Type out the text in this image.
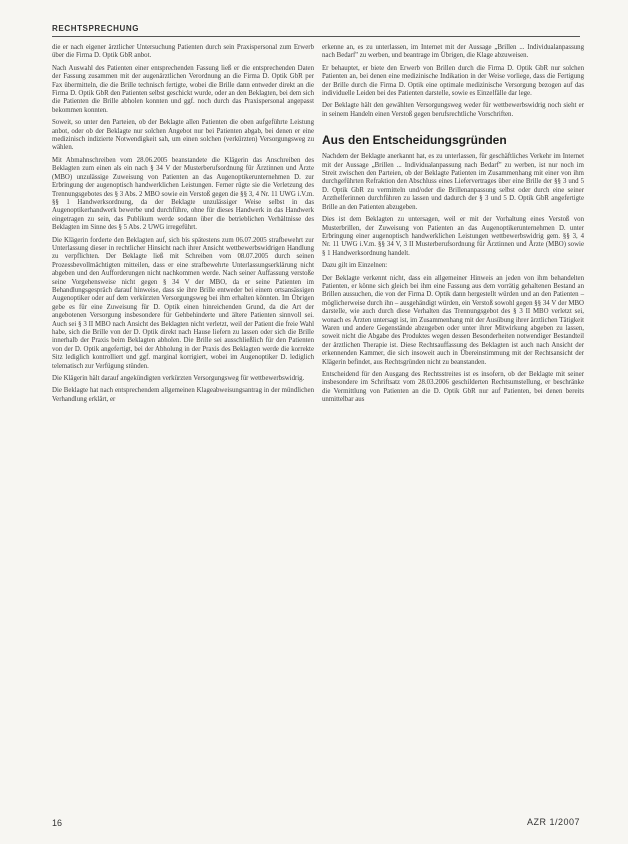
RECHTSPRECHUNG

die er nach eigener ärztlicher Untersuchung Patienten durch sein Praxispersonal zum Erwerb über die Firma D. Optik GbR anbot.

Nach Auswahl des Patienten einer entsprechenden Fassung ließ er die entsprechenden Daten der Fassung zusammen mit der augenärztlichen Verordnung an die Firma D. Optik GbR per Fax übermitteln, die die Brille technisch fertigte, wobei die Brille dann entweder direkt an die Firma D. Optik GbR den Patienten selbst geschickt wurde, oder an den Beklagten, bei dem sich die Patienten die Brille abholen konnten und ggf. noch durch das Praxispersonal angepasst bekommen konnten.

Soweit, so unter den Parteien, ob der Beklagte allen Patienten die oben aufgeführte Leistung anbot, oder ob der Beklagte nur solchen Angebot nur bei Patienten abgab, bei denen er eine medizinisch indizierte Notwendigkeit sah, um einen solchen (verkürzten) Versorgungsweg zu wählen.

Mit Abmahnschreiben vom 28.06.2005 beanstandete die Klägerin das Anschreiben des Beklagten zum einen als ein nach § 34 V der Musterberufsordnung für Ärztinnen und Ärzte (MBO) unzulässige Zuweisung von Patienten an das Augenoptikerunternehmen D. zur Erbringung der augenoptisch handwerklichen Leistungen. Ferner rügte sie die Verletzung des Trennungsgebotes des § 3 Abs. 2 MBO sowie ein Verstoß gegen die §§ 3, 4 Nr. 11 UWG i.V.m. §§ 1 Handwerksordnung, da der Beklagte unzulässiger Weise selbst in das Augenoptikerhandwerk bewerbe und durchführe, ohne für dieses Handwerk in das Handwerk eingetragen zu sein, das Publikum werde sodann über die betrieblichen Verhältnisse des Beklagten im Sinne des § 5 Abs. 2 UWG irregeführt.

Die Klägerin forderte den Beklagten auf, sich bis spätestens zum 06.07.2005 strafbewehrt zur Unterlassung dieser in rechtlicher Hinsicht nach ihrer Ansicht wettbewerbswidrigen Handlung zu verpflichten. Der Beklagte ließ mit Schreiben vom 08.07.2005 durch seinen Prozessbevollmächtigten mitteilen, dass er eine strafbewehrte Unterlassungserklärung nicht abgeben und den Aufforderungen nicht nachkommen werde. Nach seiner Auffassung verstoße seine Vorgehensweise nicht gegen § 34 V der MBO, da er seine Patienten im Behandlungsgespräch darauf hinweise, dass sie ihre Brille entweder bei einem ortsansässigen Augenoptiker oder auf dem verkürzten Versorgungsweg bei ihm erhalten könnten. Im Übrigen gebe es für eine Zuweisung für D. Optik einen hinreichenden Grund, da die Art der angebotenen Versorgung insbesondere für Gehbehinderte und ältere Patienten sinnvoll sei. Auch sei § 3 II MBO nach Ansicht des Beklagten nicht verletzt, weil der Patient die freie Wahl habe, sich die Brille von der D. Optik direkt nach Hause liefern zu lassen oder sich die Brille innerhalb der Praxis beim Beklagten abholen. Die Brille sei ausschließlich für den Patienten von der D. Optik angefertigt, bei der Abholung in der Praxis des Beklagten werde die korrekte Sitz lediglich kontrolliert und ggf. marginal korrigiert, wobei im Augenoptiker D. lediglich telematisch zur Verfügung stünden.

Die Klägerin hält darauf angekündigten verkürzten Versorgungsweg für wettbewerbswidrig.

Die Beklagte hat nach entsprechendem allgemeinen Klageabweisungsantrag in der mündlichen Verhandlung erklärt, er

erkenne an, es zu unterlassen, im Internet mit der Aussage „Brillen ... Individualanpassung nach Bedarf" zu werben, und beantrage im Übrigen, die Klage abzuweisen.

Er behauptet, er biete den Erwerb von Brillen durch die Firma D. Optik GbR nur solchen Patienten an, bei denen eine medizinische Indikation in der Weise vorliege, dass die Fertigung der Brille durch die Firma D. Optik eine optimale medizinische Versorgung bezogen auf das individuelle Leiden bei des Patienten darstelle, sowie es Einzelfälle dar lege.

Der Beklagte hält den gewählten Versorgungsweg weder für wettbewerbswidrig noch sieht er in seinem Handeln einen Verstoß gegen berufsrechtliche Vorschriften.

Aus den Entscheidungsgründen

Nachdem der Beklagte anerkannt hat, es zu unterlassen, für geschäftliches Verkehr im Internet mit der Aussage „Brillen ... Individualanpassung nach Bedarf" zu werben, ist nur noch im Streit zwischen den Parteien, ob der Beklagte Patienten im Zusammenhang mit einer von ihm durchgeführten Refraktion den Abschluss eines Liefervertrages über eine Brille der §§ 3 und 5 D. Optik GbR zu vermitteln und/oder die Brillenanpassung selbst oder durch eine seiner Arzthelferinnen durchführen zu lassen und dadurch der § 3 und 5 D. Optik GbR angefertigte Brille an den Patienten abzugeben.

Dies ist dem Beklagten zu untersagen, weil er mit der Vorhaltung eines Verstoß von Musterbrillen, der Zuweisung von Patienten an das Augenoptikerunternehmen D. unter Erbringung einer augenoptisch handwerklichen Leistungen wettbewerbswidrig gem. §§ 3, 4 Nr. 11 UWG i.V.m. §§ 34 V, 3 II Musterberufsordnung für Ärztinnen und Ärzte (MBO) sowie § 1 Handwerksordnung handelt.

Dazu gilt im Einzelnen:

Der Beklagte verkennt nicht, dass ein allgemeiner Hinweis an jeden von ihm behandelten Patienten, er könne sich gleich bei ihm eine Fassung aus dem vorrätig gehaltenen Bestand an Brillen aussuchen, die von der Firma D. Optik dann hergestellt würden und an den Patienten – möglicherweise durch ihn – ausgehändigt würden, ein Verstoß sowohl gegen §§ 34 V der MBO darstelle, wie auch durch diese Verhalten das Trennungsgebot des § 3 II MBO verletzt sei, wonach es Ärzten untersagt ist, im Zusammenhang mit der Ausübung ihrer ärztlichen Tätigkeit Waren und andere Gegenstände abzugeben oder unter ihrer Mitwirkung abgeben zu lassen, soweit nicht die Abgabe des Produktes wegen dessen Besonderheiten notwendiger Bestandteil der ärztlichen Therapie ist. Diese Rechtsauffassung des Beklagten ist auch nach Ansicht der erkennenden Kammer, die sich insoweit auch in Übereinstimmung mit der Rechtsansicht der Klägerin befindet, aus Rechtsgründen nicht zu beanstanden.

Entscheidend für den Ausgang des Rechtsstreites ist es insofern, ob der Beklagte mit seiner insbesondere im Schriftsatz vom 28.03.2006 geschilderten Rechtsumstellung, er beschränke die Vermittlung von Patienten an die D. Optik GbR nur auf Patienten, bei denen bereits unmittelbar aus

16	AZR 1/2007
